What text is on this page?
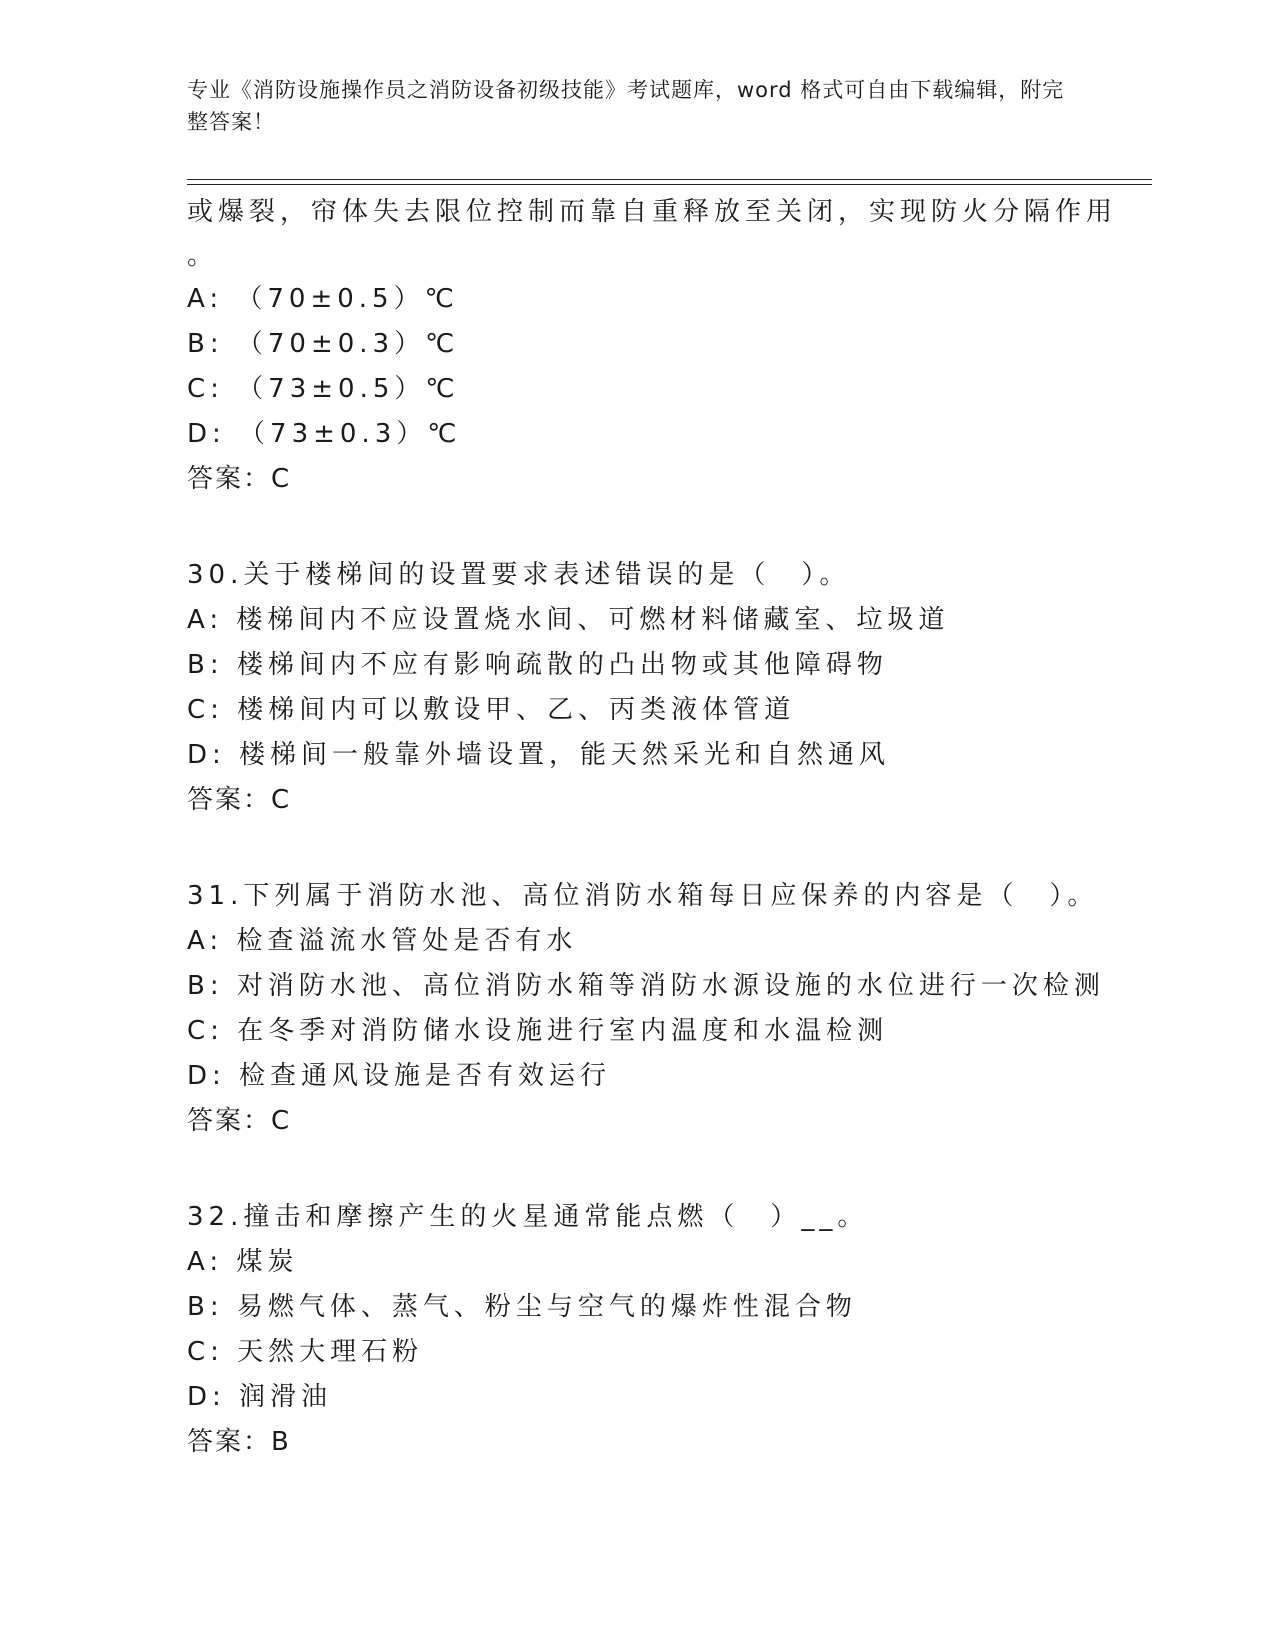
专业《消防设施操作员之消防设备初级技能》考试题库，word 格式可自由下载编辑，附完整答案！
或爆裂，帘体失去限位控制而靠自重释放至关闭，实现防火分隔作用
。
A: （70±0.5）℃
B: （70±0.3）℃
C: （73±0.5）℃
D: （73±0.3）℃
答案：C
30.关于楼梯间的设置要求表述错误的是（　）。
A: 楼梯间内不应设置烧水间、可燃材料储藏室、垃圾道
B: 楼梯间内不应有影响疏散的凸出物或其他障碍物
C: 楼梯间内可以敷设甲、乙、丙类液体管道
D: 楼梯间一般靠外墙设置，能天然采光和自然通风
答案：C
31.下列属于消防水池、高位消防水箱每日应保养的内容是（　）。
A: 检查溢流水管处是否有水
B: 对消防水池、高位消防水箱等消防水源设施的水位进行一次检测
C: 在冬季对消防储水设施进行室内温度和水温检测
D: 检查通风设施是否有效运行
答案：C
32.撞击和摩擦产生的火星通常能点燃（　）__。
A: 煤炭
B: 易燃气体、蒸气、粉尘与空气的爆炸性混合物
C: 天然大理石粉
D: 润滑油
答案：B
